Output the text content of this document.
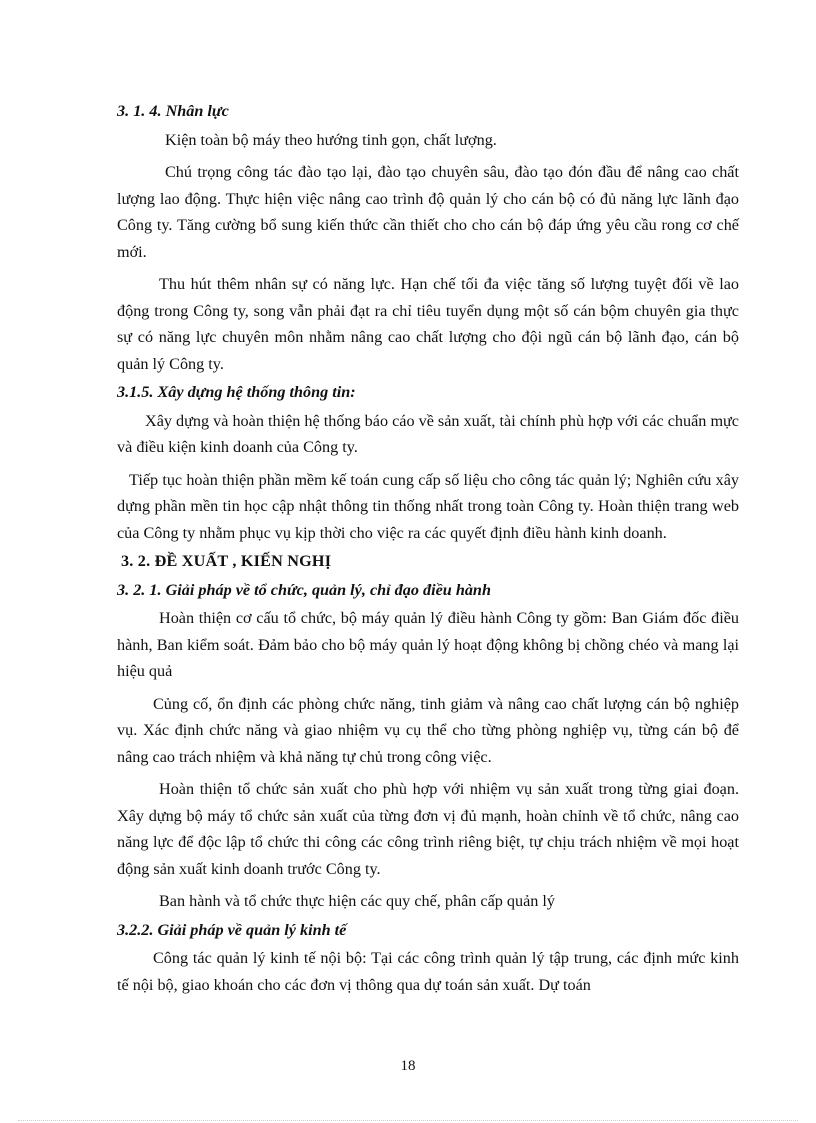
3. 1. 4. Nhân lực

Kiện toàn bộ máy theo hướng tinh gọn, chất lượng.

Chú trọng công tác đào tạo lại, đào tạo chuyên sâu, đào tạo đón đầu để nâng cao chất lượng lao động. Thực hiện việc nâng cao trình độ quản lý cho cán bộ có đủ năng lực lãnh đạo Công ty. Tăng cường bổ sung kiến thức cần thiết cho cho cán bộ đáp ứng yêu cầu rong cơ chế mới.

Thu hút thêm nhân sự có năng lực. Hạn chế tối đa việc tăng số lượng tuyệt đối về lao động trong Công ty, song vẫn phải đạt ra chỉ tiêu tuyển dụng một số cán bộm chuyên gia thực sự có năng lực chuyên môn nhằm nâng cao chất lượng cho đội ngũ cán bộ lãnh đạo, cán bộ quản lý Công ty.

3.1.5. Xây dựng hệ thống thông tin:

Xây dựng và hoàn thiện hệ thống báo cáo về sản xuất, tài chính phù hợp với các chuẩn mực và điều kiện kinh doanh của Công ty.

Tiếp tục hoàn thiện phần mềm kế toán cung cấp số liệu cho công tác quản lý; Nghiên cứu xây dựng phần mền tin học cập nhật thông tin thống nhất trong toàn Công ty. Hoàn thiện trang web của Công ty nhằm phục vụ kịp thời cho việc ra các quyết định điều hành kinh doanh.

3. 2. ĐỀ XUẤT , KIẾN NGHỊ

3. 2. 1. Giải pháp về tổ chức, quản lý, chỉ đạo điều hành

Hoàn thiện cơ cấu tổ chức, bộ máy quản lý điều hành Công ty gồm: Ban Giám đốc điều hành, Ban kiểm soát. Đảm bảo cho bộ máy quản lý hoạt động không bị chồng chéo và mang lại hiệu quả

Củng cố, ổn định các phòng chức năng, tinh giảm và nâng cao chất lượng cán bộ nghiệp vụ. Xác định chức năng và giao nhiệm vụ cụ thể cho từng phòng nghiệp vụ, từng cán bộ để nâng cao trách nhiệm và khả năng tự chủ trong công việc.

Hoàn thiện tổ chức sản xuất cho phù hợp với nhiệm vụ sản xuất trong từng giai đoạn. Xây dựng bộ máy tổ chức sản xuất của từng đơn vị đủ mạnh, hoàn chỉnh về tổ chức, nâng cao năng lực để độc lập tổ chức thi công các công trình riêng biệt, tự chịu trách nhiệm về mọi hoạt động sản xuất kinh doanh trước Công ty.

Ban hành và tổ chức thực hiện các quy chế, phân cấp quản lý

3.2.2. Giải pháp về quản lý kinh tế

Công tác quản lý kinh tế nội bộ: Tại các công trình quản lý tập trung, các định mức kinh tế nội bộ, giao khoán cho các đơn vị thông qua dự toán sản xuất. Dự toán

18
